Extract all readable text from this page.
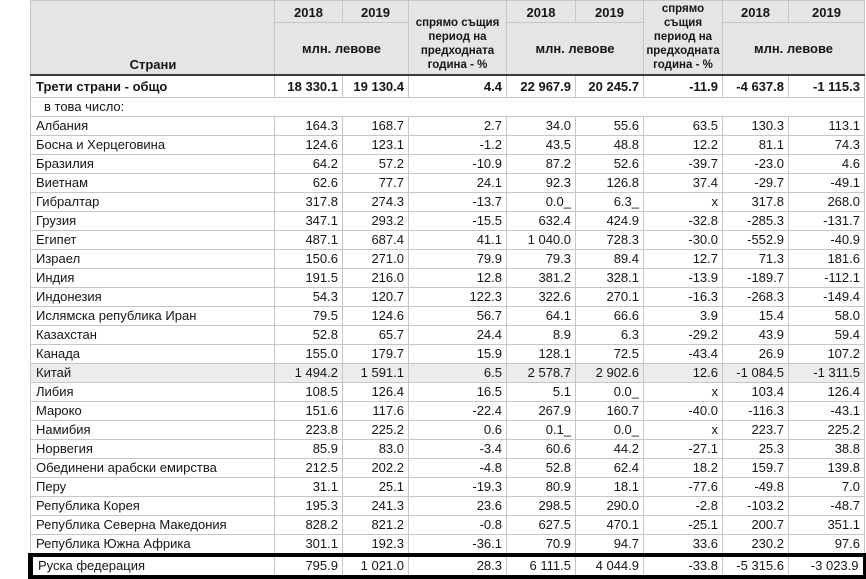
Страни	2018	2019	спрямо същия период на предходната година - %	2018	2019	спрямо същия период на предходната година - %	2018	2019
	млн. левове			млн. левове			млн. левове	
Трети страни - общо	18 330.1	19 130.4	4.4	22 967.9	20 245.7	-11.9	-4 637.8	-1 115.3
в това число:								
Албания	164.3	168.7	2.7	34.0	55.6	63.5	130.3	113.1
Босна и Херцеговина	124.6	123.1	-1.2	43.5	48.8	12.2	81.1	74.3
Бразилия	64.2	57.2	-10.9	87.2	52.6	-39.7	-23.0	4.6
Виетнам	62.6	77.7	24.1	92.3	126.8	37.4	-29.7	-49.1
Гибралтар	317.8	274.3	-13.7	0.0_	6.3_	x	317.8	268.0
Грузия	347.1	293.2	-15.5	632.4	424.9	-32.8	-285.3	-131.7
Египет	487.1	687.4	41.1	1 040.0	728.3	-30.0	-552.9	-40.9
Израел	150.6	271.0	79.9	79.3	89.4	12.7	71.3	181.6
Индия	191.5	216.0	12.8	381.2	328.1	-13.9	-189.7	-112.1
Индонезия	54.3	120.7	122.3	322.6	270.1	-16.3	-268.3	-149.4
Ислямска република Иран	79.5	124.6	56.7	64.1	66.6	3.9	15.4	58.0
Казахстан	52.8	65.7	24.4	8.9	6.3	-29.2	43.9	59.4
Канада	155.0	179.7	15.9	128.1	72.5	-43.4	26.9	107.2
Китай	1 494.2	1 591.1	6.5	2 578.7	2 902.6	12.6	-1 084.5	-1 311.5
Либия	108.5	126.4	16.5	5.1	0.0_	x	103.4	126.4
Мароко	151.6	117.6	-22.4	267.9	160.7	-40.0	-116.3	-43.1
Намибия	223.8	225.2	0.6	0.1_	0.0_	x	223.7	225.2
Норвегия	85.9	83.0	-3.4	60.6	44.2	-27.1	25.3	38.8
Обединени арабски емирства	212.5	202.2	-4.8	52.8	62.4	18.2	159.7	139.8
Перу	31.1	25.1	-19.3	80.9	18.1	-77.6	-49.8	7.0
Република Корея	195.3	241.3	23.6	298.5	290.0	-2.8	-103.2	-48.7
Република Северна Македония	828.2	821.2	-0.8	627.5	470.1	-25.1	200.7	351.1
Република Южна Африка	301.1	192.3	-36.1	70.9	94.7	33.6	230.2	97.6
Руска федерация	795.9	1 021.0	28.3	6 111.5	4 044.9	-33.8	-5 315.6	-3 023.9
